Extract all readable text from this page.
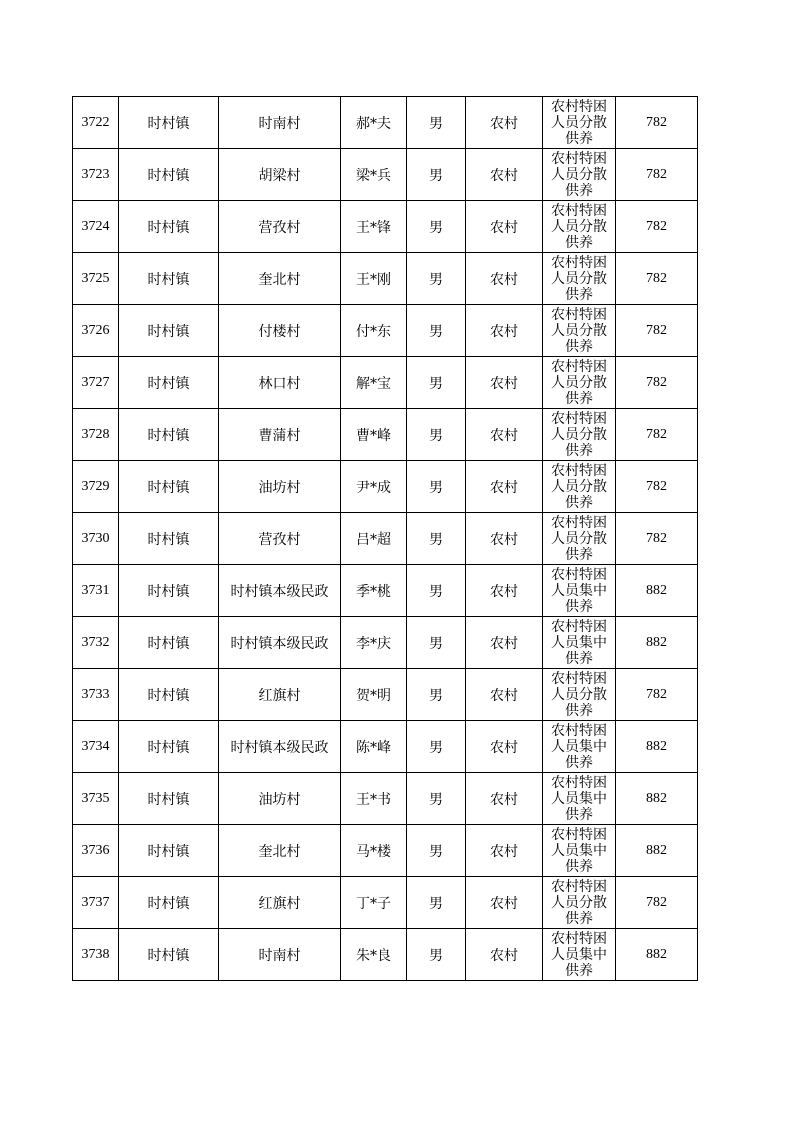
3722	时村镇	时南村	郝*夫	男	农村	农村特困人员分散供养	782
3723	时村镇	胡梁村	梁*兵	男	农村	农村特困人员分散供养	782
3724	时村镇	营孜村	王*锋	男	农村	农村特困人员分散供养	782
3725	时村镇	奎北村	王*刚	男	农村	农村特困人员分散供养	782
3726	时村镇	付楼村	付*东	男	农村	农村特困人员分散供养	782
3727	时村镇	林口村	解*宝	男	农村	农村特困人员分散供养	782
3728	时村镇	曹蒲村	曹*峰	男	农村	农村特困人员分散供养	782
3729	时村镇	油坊村	尹*成	男	农村	农村特困人员分散供养	782
3730	时村镇	营孜村	吕*超	男	农村	农村特困人员分散供养	782
3731	时村镇	时村镇本级民政	季*桃	男	农村	农村特困人员集中供养	882
3732	时村镇	时村镇本级民政	李*庆	男	农村	农村特困人员集中供养	882
3733	时村镇	红旗村	贺*明	男	农村	农村特困人员分散供养	782
3734	时村镇	时村镇本级民政	陈*峰	男	农村	农村特困人员集中供养	882
3735	时村镇	油坊村	王*书	男	农村	农村特困人员集中供养	882
3736	时村镇	奎北村	马*楼	男	农村	农村特困人员集中供养	882
3737	时村镇	红旗村	丁*子	男	农村	农村特困人员分散供养	782
3738	时村镇	时南村	朱*良	男	农村	农村特困人员集中供养	882
